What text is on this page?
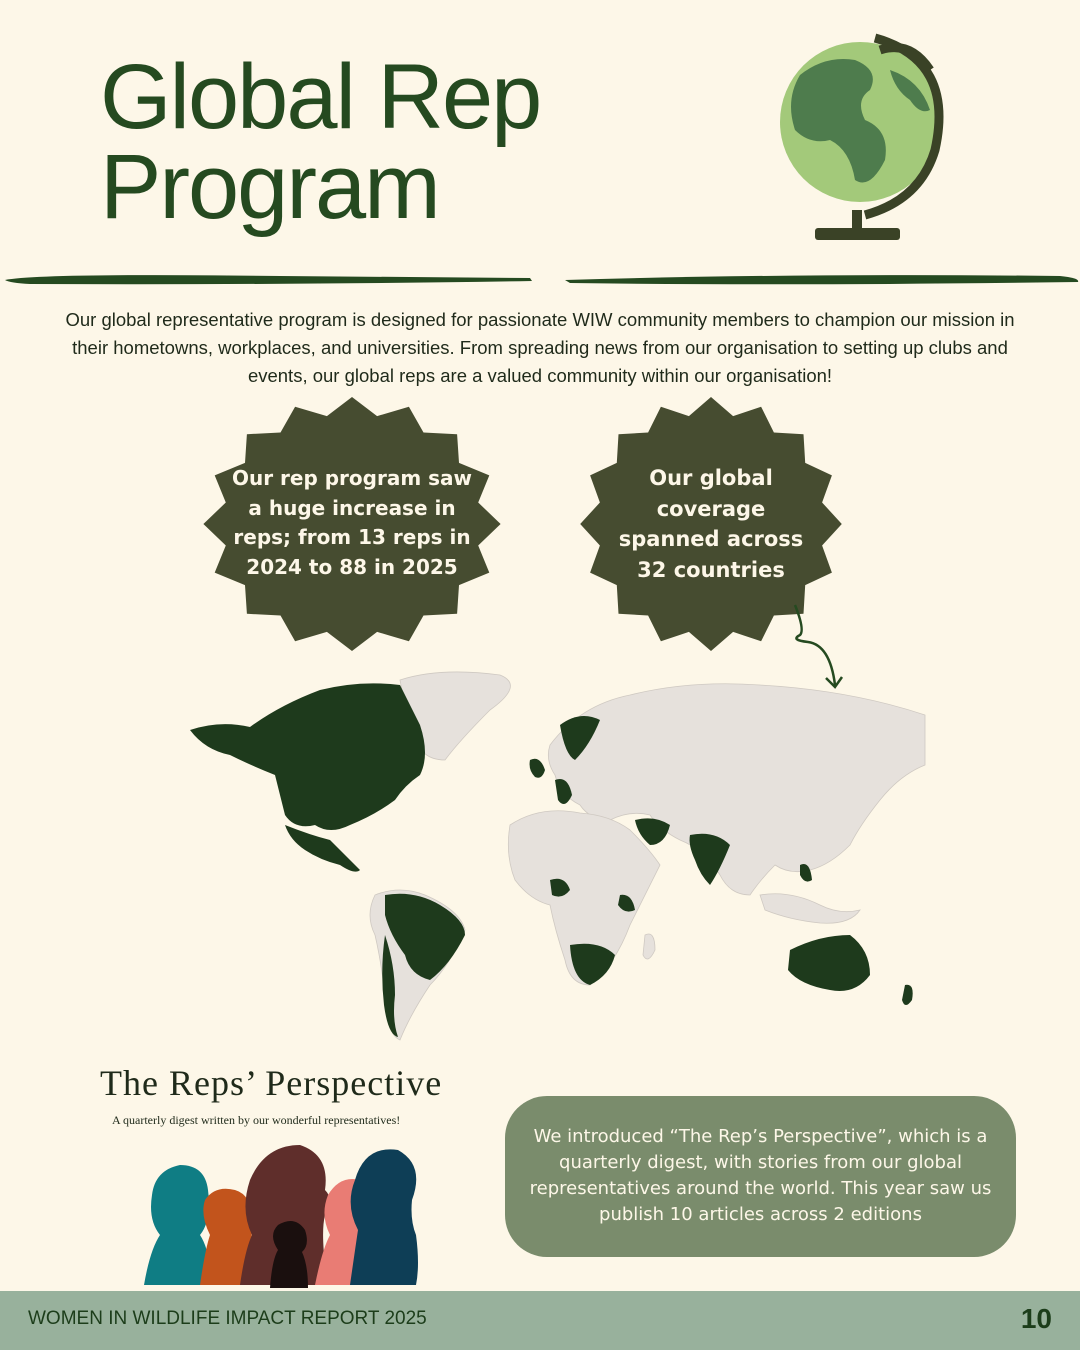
Global Rep
Program
Our global representative program is designed for passionate WIW community members to champion our mission in their hometowns, workplaces, and universities. From spreading news from our organisation to setting up clubs and events, our global reps are a valued community within our organisation!
Our rep program saw
a huge increase in
reps; from 13 reps in
2024 to 88 in 2025
Our global
coverage
spanned across
32 countries
The Reps’ Perspective
A quarterly digest written by our wonderful representatives!
We introduced “The Rep’s Perspective”, which is a quarterly digest, with stories from our global representatives around the world. This year saw us publish 10 articles across 2 editions
WOMEN IN WILDLIFE IMPACT REPORT 2025	10
